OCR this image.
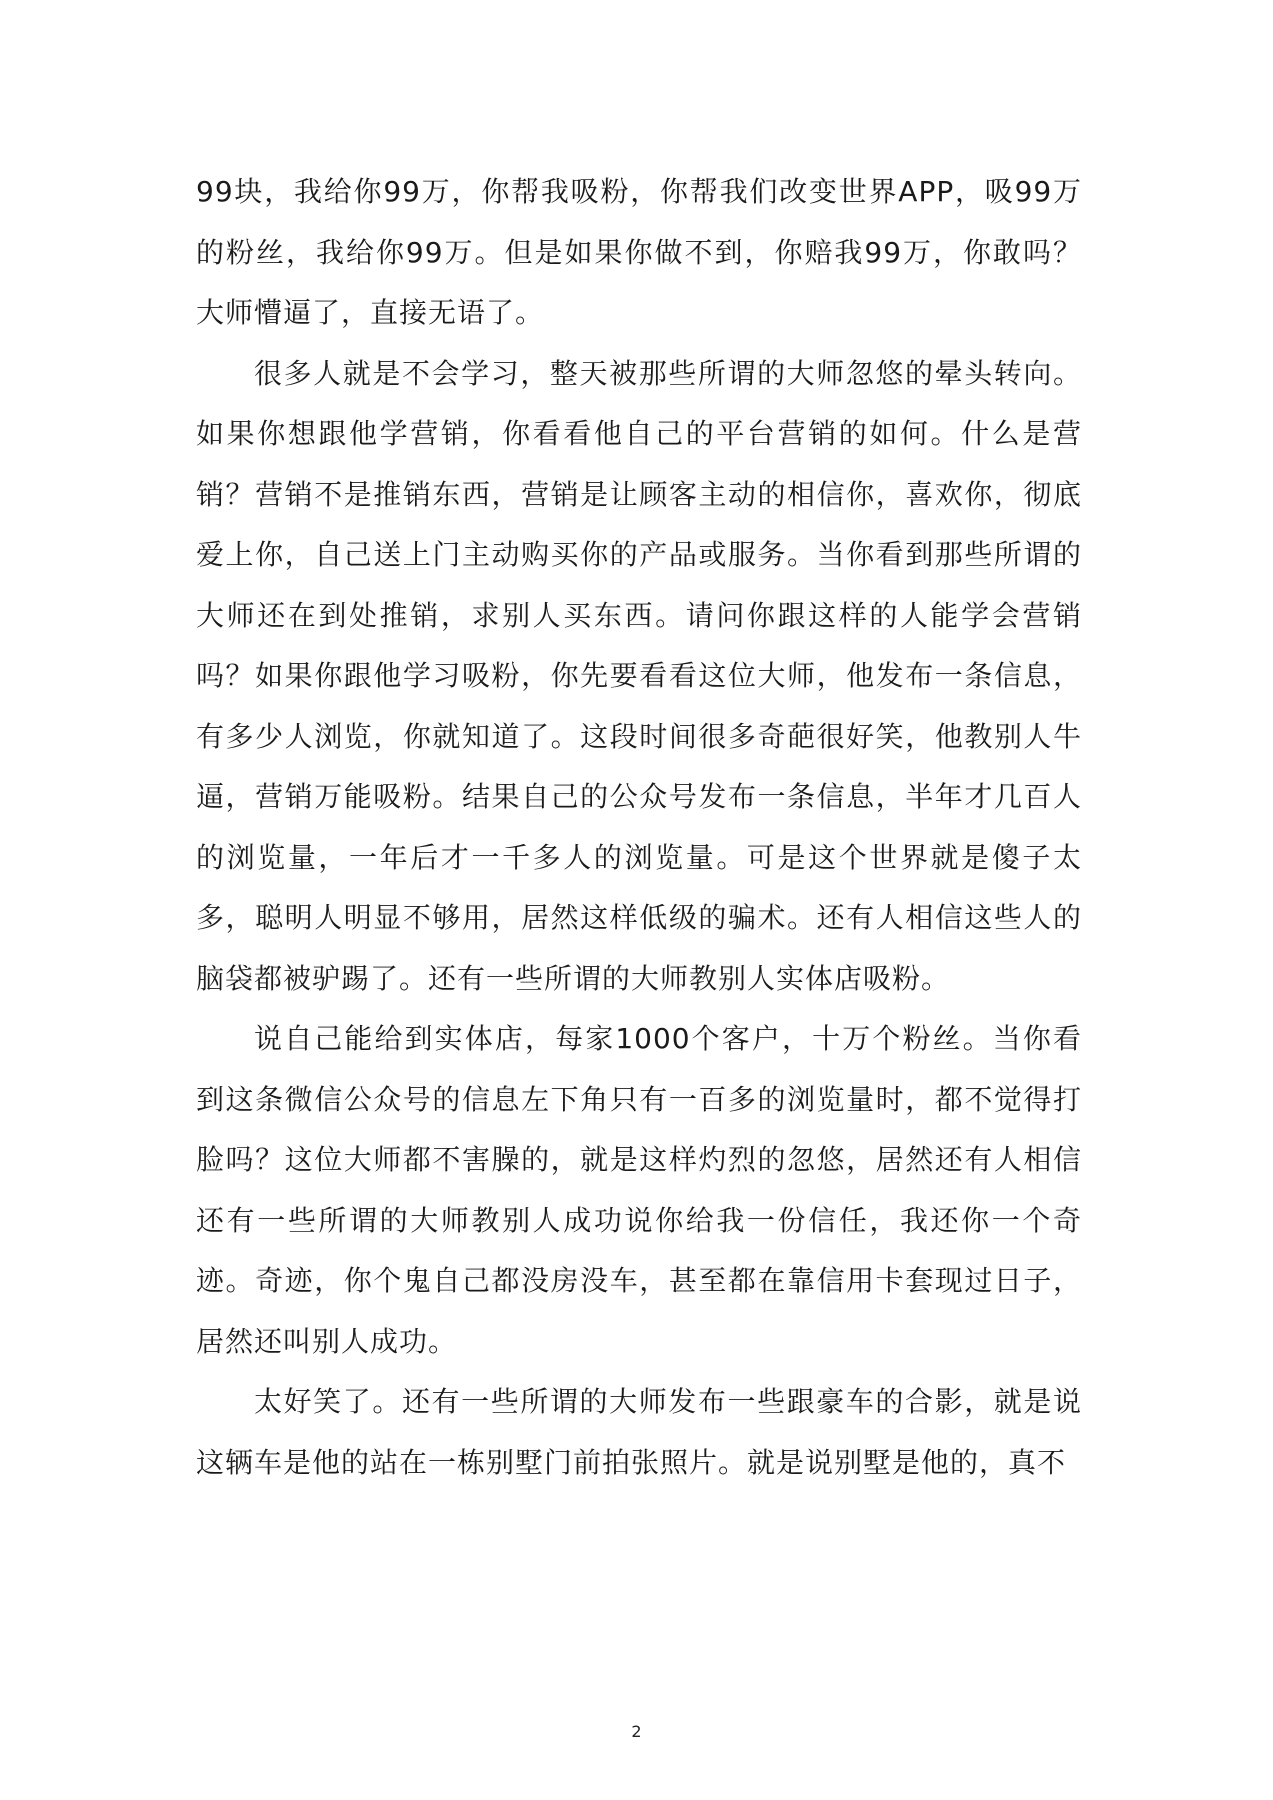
99块，我给你99万，你帮我吸粉，你帮我们改变世界APP，吸99万的粉丝，我给你99万。但是如果你做不到，你赔我99万，你敢吗？大师懵逼了，直接无语了。

很多人就是不会学习，整天被那些所谓的大师忽悠的晕头转向。如果你想跟他学营销，你看看他自己的平台营销的如何。什么是营销？营销不是推销东西，营销是让顾客主动的相信你，喜欢你，彻底爱上你，自己送上门主动购买你的产品或服务。当你看到那些所谓的大师还在到处推销，求别人买东西。请问你跟这样的人能学会营销吗？如果你跟他学习吸粉，你先要看看这位大师，他发布一条信息，有多少人浏览，你就知道了。这段时间很多奇葩很好笑，他教别人牛逼，营销万能吸粉。结果自己的公众号发布一条信息，半年才几百人的浏览量，一年后才一千多人的浏览量。可是这个世界就是傻子太多，聪明人明显不够用，居然这样低级的骗术。还有人相信这些人的脑袋都被驴踢了。还有一些所谓的大师教别人实体店吸粉。

说自己能给到实体店，每家1000个客户，十万个粉丝。当你看到这条微信公众号的信息左下角只有一百多的浏览量时，都不觉得打脸吗？这位大师都不害臊的，就是这样灼烈的忽悠，居然还有人相信还有一些所谓的大师教别人成功说你给我一份信任，我还你一个奇迹。奇迹，你个鬼自己都没房没车，甚至都在靠信用卡套现过日子，居然还叫别人成功。

太好笑了。还有一些所谓的大师发布一些跟豪车的合影，就是说这辆车是他的站在一栋别墅门前拍张照片。就是说别墅是他的，真不

2
